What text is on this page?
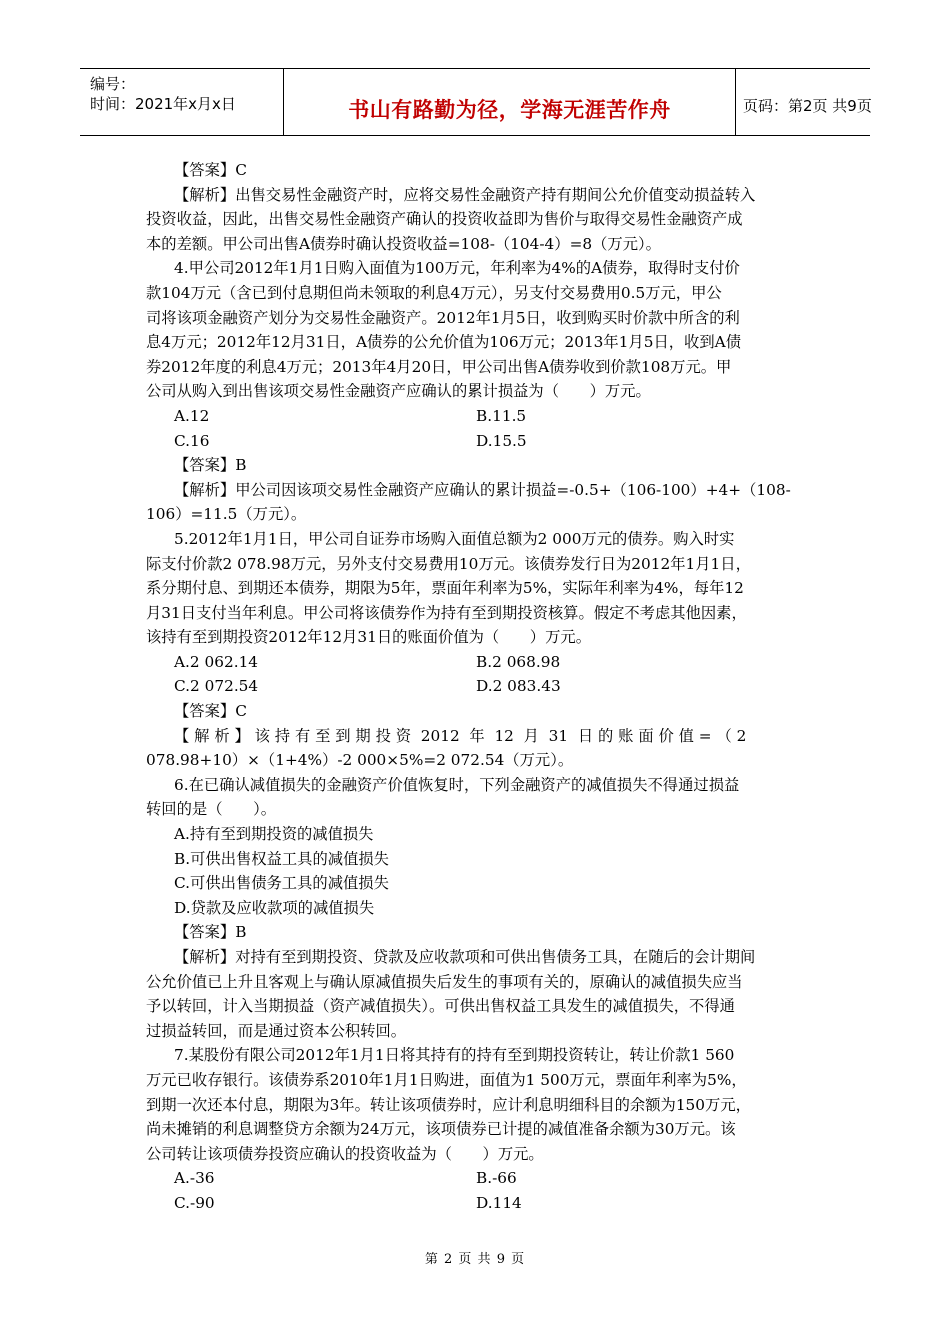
编号：
时间：2021年x月x日	书山有路勤为径，学海无涯苦作舟	页码：第2页 共9页

【答案】C

【解析】出售交易性金融资产时，应将交易性金融资产持有期间公允价值变动损益转入

投资收益，因此，出售交易性金融资产确认的投资收益即为售价与取得交易性金融资产成

本的差额。甲公司出售A债券时确认投资收益=108-（104-4）=8（万元）。

4.甲公司2012年1月1日购入面值为100万元，年利率为4%的A债券，取得时支付价

款104万元（含已到付息期但尚未领取的利息4万元），另支付交易费用0.5万元，甲公

司将该项金融资产划分为交易性金融资产。2012年1月5日，收到购买时价款中所含的利

息4万元；2012年12月31日，A债券的公允价值为106万元；2013年1月5日，收到A债

券2012年度的利息4万元；2013年4月20日，甲公司出售A债券收到价款108万元。甲

公司从购入到出售该项交易性金融资产应确认的累计损益为（　　）万元。

A.12	B.11.5
C.16	D.15.5

【答案】B

【解析】甲公司因该项交易性金融资产应确认的累计损益=-0.5+（106-100）+4+（108-

106）=11.5（万元）。

5.2012年1月1日，甲公司自证券市场购入面值总额为2 000万元的债券。购入时实

际支付价款2 078.98万元，另外支付交易费用10万元。该债券发行日为2012年1月1日，

系分期付息、到期还本债券，期限为5年，票面年利率为5%，实际年利率为4%，每年12

月31日支付当年利息。甲公司将该债券作为持有至到期投资核算。假定不考虑其他因素，

该持有至到期投资2012年12月31日的账面价值为（　　）万元。

A.2 062.14	B.2 068.98
C.2 072.54	D.2 083.43

【答案】C

【 解 析 】 该 持 有 至 到 期 投 资  2012  年  12  月  31  日 的 账 面 价 值 = （ 2

078.98+10）×（1+4%）-2 000×5%=2 072.54（万元）。

6.在已确认减值损失的金融资产价值恢复时，下列金融资产的减值损失不得通过损益

转回的是（　　）。

A.持有至到期投资的减值损失

B.可供出售权益工具的减值损失

C.可供出售债务工具的减值损失

D.贷款及应收款项的减值损失

【答案】B

【解析】对持有至到期投资、贷款及应收款项和可供出售债务工具，在随后的会计期间

公允价值已上升且客观上与确认原减值损失后发生的事项有关的，原确认的减值损失应当

予以转回，计入当期损益（资产减值损失）。可供出售权益工具发生的减值损失，不得通

过损益转回，而是通过资本公积转回。

7.某股份有限公司2012年1月1日将其持有的持有至到期投资转让，转让价款1 560

万元已收存银行。该债券系2010年1月1日购进，面值为1 500万元，票面年利率为5%，

到期一次还本付息，期限为3年。转让该项债券时，应计利息明细科目的余额为150万元，

尚未摊销的利息调整贷方余额为24万元，该项债券已计提的减值准备余额为30万元。该

公司转让该项债券投资应确认的投资收益为（　　）万元。

A.-36	B.-66
C.-90	D.114
第 2 页 共 9 页
